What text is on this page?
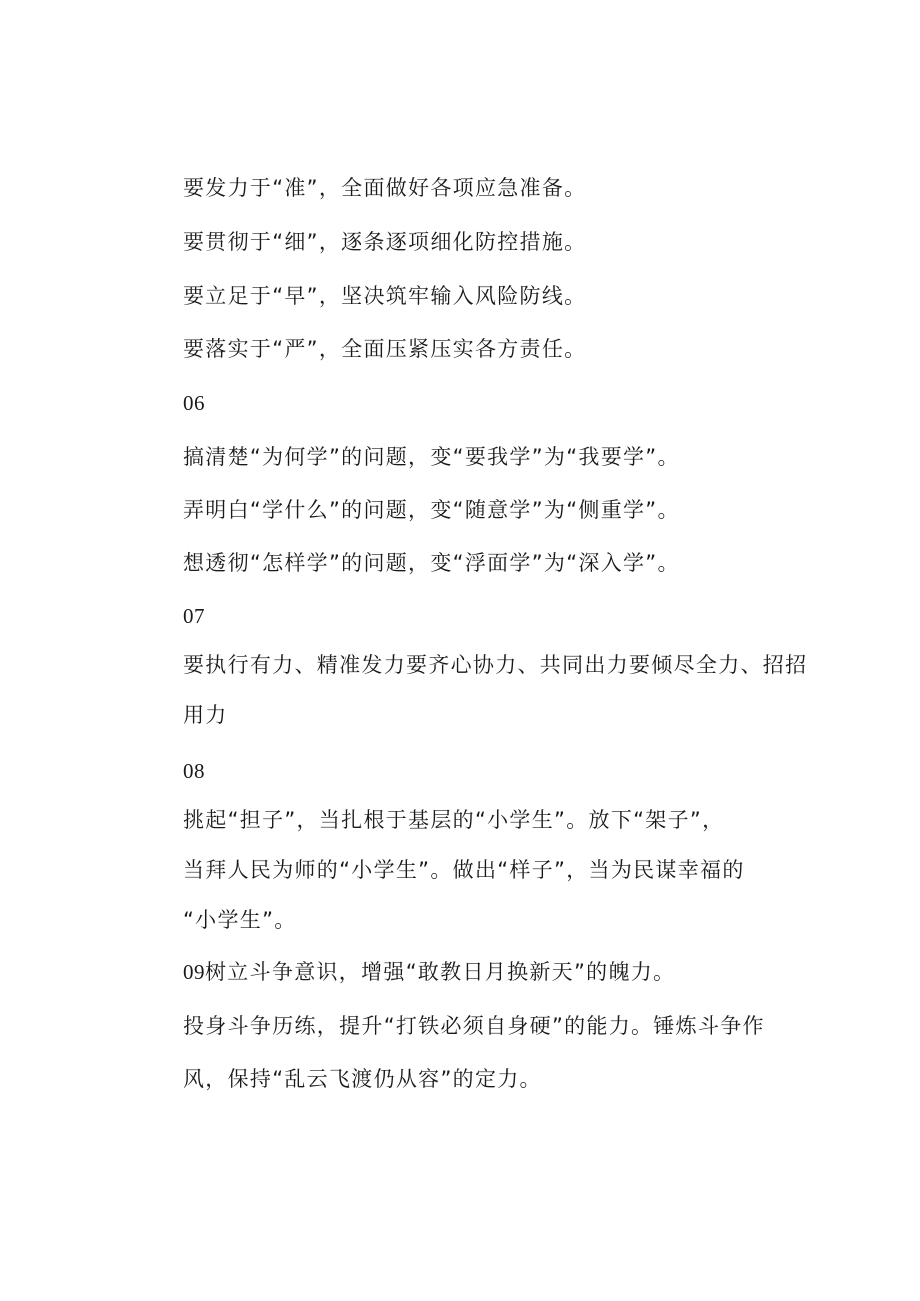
要发力于“准”，全面做好各项应急准备。
要贯彻于“细”，逐条逐项细化防控措施。
要立足于“早”，坚决筑牢输入风险防线。
要落实于“严”，全面压紧压实各方责任。
06
搞清楚“为何学”的问题，变“要我学”为“我要学”。
弄明白“学什么”的问题，变“随意学”为“侧重学”。
想透彻“怎样学”的问题，变“浮面学”为“深入学”。
07
要执行有力、精准发力要齐心协力、共同出力要倾尽全力、招招
用力
08
挑起“担子”，当扎根于基层的“小学生”。放下“架子”，
当拜人民为师的“小学生”。做出“样子”，当为民谋幸福的
“小学生”。
09树立斗争意识，增强“敢教日月换新天”的魄力。
投身斗争历练，提升“打铁必须自身硬”的能力。锤炼斗争作
风，保持“乱云飞渡仍从容”的定力。
